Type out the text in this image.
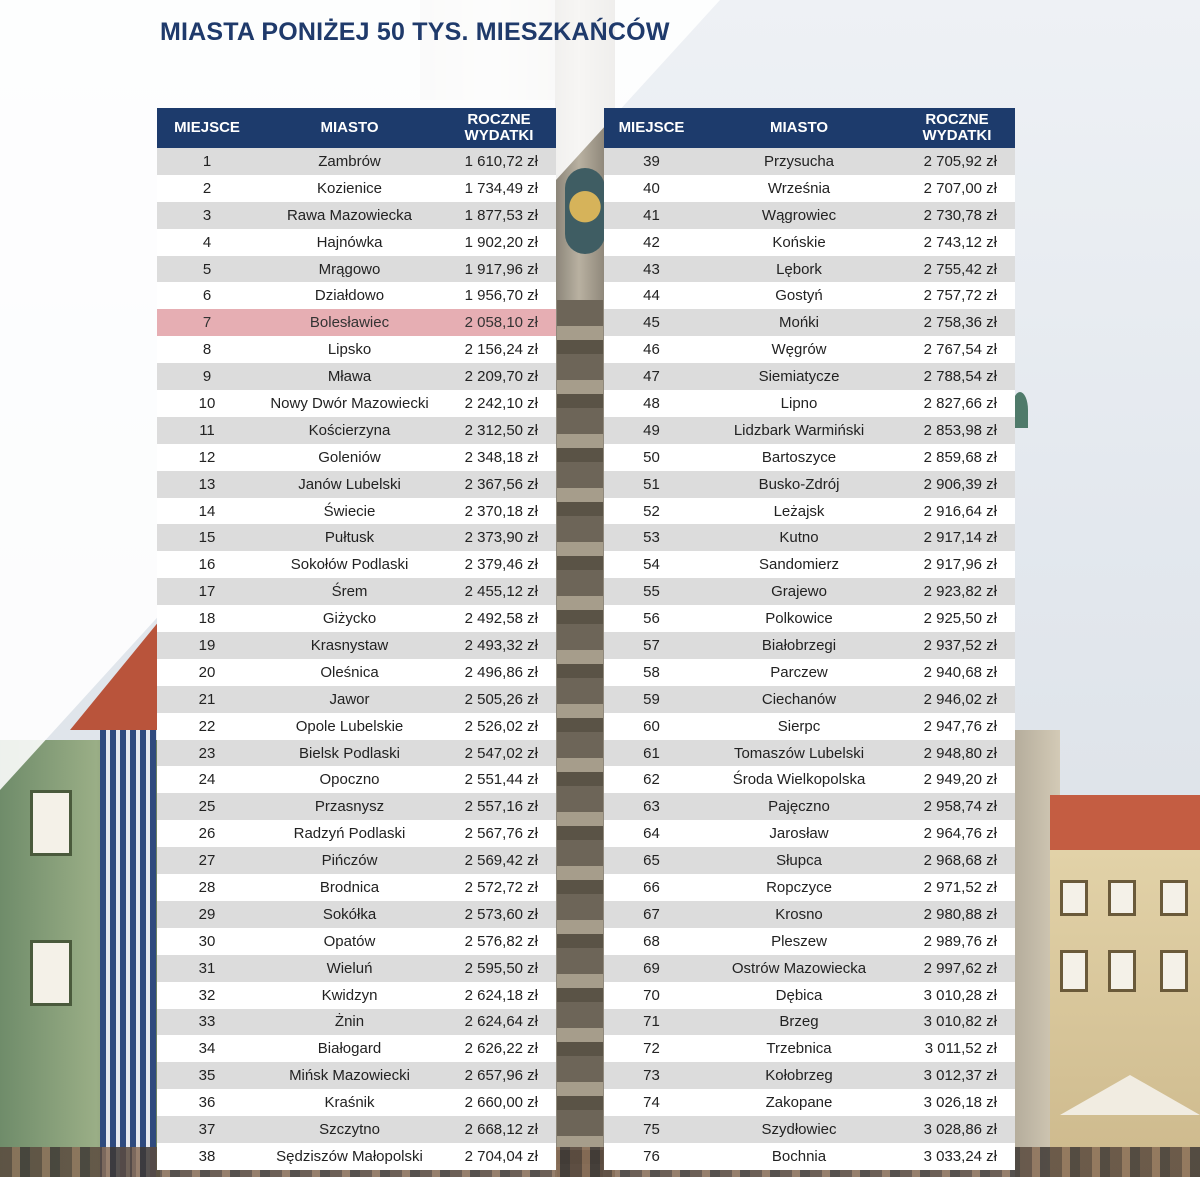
MIASTA PONIŻEJ 50 TYS. MIESZKAŃCÓW
MIEJSCE	MIASTO	ROCZNE
WYDATKI
1	Zambrów	1 610,72 zł
2	Kozienice	1 734,49 zł
3	Rawa Mazowiecka	1 877,53 zł
4	Hajnówka	1 902,20 zł
5	Mrągowo	1 917,96 zł
6	Działdowo	1 956,70 zł
7	Bolesławiec	2 058,10 zł
8	Lipsko	2 156,24 zł
9	Mława	2 209,70 zł
10	Nowy Dwór Mazowiecki	2 242,10 zł
11	Kościerzyna	2 312,50 zł
12	Goleniów	2 348,18 zł
13	Janów Lubelski	2 367,56 zł
14	Świecie	2 370,18 zł
15	Pułtusk	2 373,90 zł
16	Sokołów Podlaski	2 379,46 zł
17	Śrem	2 455,12 zł
18	Giżycko	2 492,58 zł
19	Krasnystaw	2 493,32 zł
20	Oleśnica	2 496,86 zł
21	Jawor	2 505,26 zł
22	Opole Lubelskie	2 526,02 zł
23	Bielsk Podlaski	2 547,02 zł
24	Opoczno	2 551,44 zł
25	Przasnysz	2 557,16 zł
26	Radzyń Podlaski	2 567,76 zł
27	Pińczów	2 569,42 zł
28	Brodnica	2 572,72 zł
29	Sokółka	2 573,60 zł
30	Opatów	2 576,82 zł
31	Wieluń	2 595,50 zł
32	Kwidzyn	2 624,18 zł
33	Żnin	2 624,64 zł
34	Białogard	2 626,22 zł
35	Mińsk Mazowiecki	2 657,96 zł
36	Kraśnik	2 660,00 zł
37	Szczytno	2 668,12 zł
38	Sędziszów Małopolski	2 704,04 zł
MIEJSCE	MIASTO	ROCZNE
WYDATKI
39	Przysucha	2 705,92 zł
40	Września	2 707,00 zł
41	Wągrowiec	2 730,78 zł
42	Końskie	2 743,12 zł
43	Lębork	2 755,42 zł
44	Gostyń	2 757,72 zł
45	Mońki	2 758,36 zł
46	Węgrów	2 767,54 zł
47	Siemiatycze	2 788,54 zł
48	Lipno	2 827,66 zł
49	Lidzbark Warmiński	2 853,98 zł
50	Bartoszyce	2 859,68 zł
51	Busko-Zdrój	2 906,39 zł
52	Leżajsk	2 916,64 zł
53	Kutno	2 917,14 zł
54	Sandomierz	2 917,96 zł
55	Grajewo	2 923,82 zł
56	Polkowice	2 925,50 zł
57	Białobrzegi	2 937,52 zł
58	Parczew	2 940,68 zł
59	Ciechanów	2 946,02 zł
60	Sierpc	2 947,76 zł
61	Tomaszów Lubelski	2 948,80 zł
62	Środa Wielkopolska	2 949,20 zł
63	Pajęczno	2 958,74 zł
64	Jarosław	2 964,76 zł
65	Słupca	2 968,68 zł
66	Ropczyce	2 971,52 zł
67	Krosno	2 980,88 zł
68	Pleszew	2 989,76 zł
69	Ostrów Mazowiecka	2 997,62 zł
70	Dębica	3 010,28 zł
71	Brzeg	3 010,82 zł
72	Trzebnica	3 011,52 zł
73	Kołobrzeg	3 012,37 zł
74	Zakopane	3 026,18 zł
75	Szydłowiec	3 028,86 zł
76	Bochnia	3 033,24 zł
